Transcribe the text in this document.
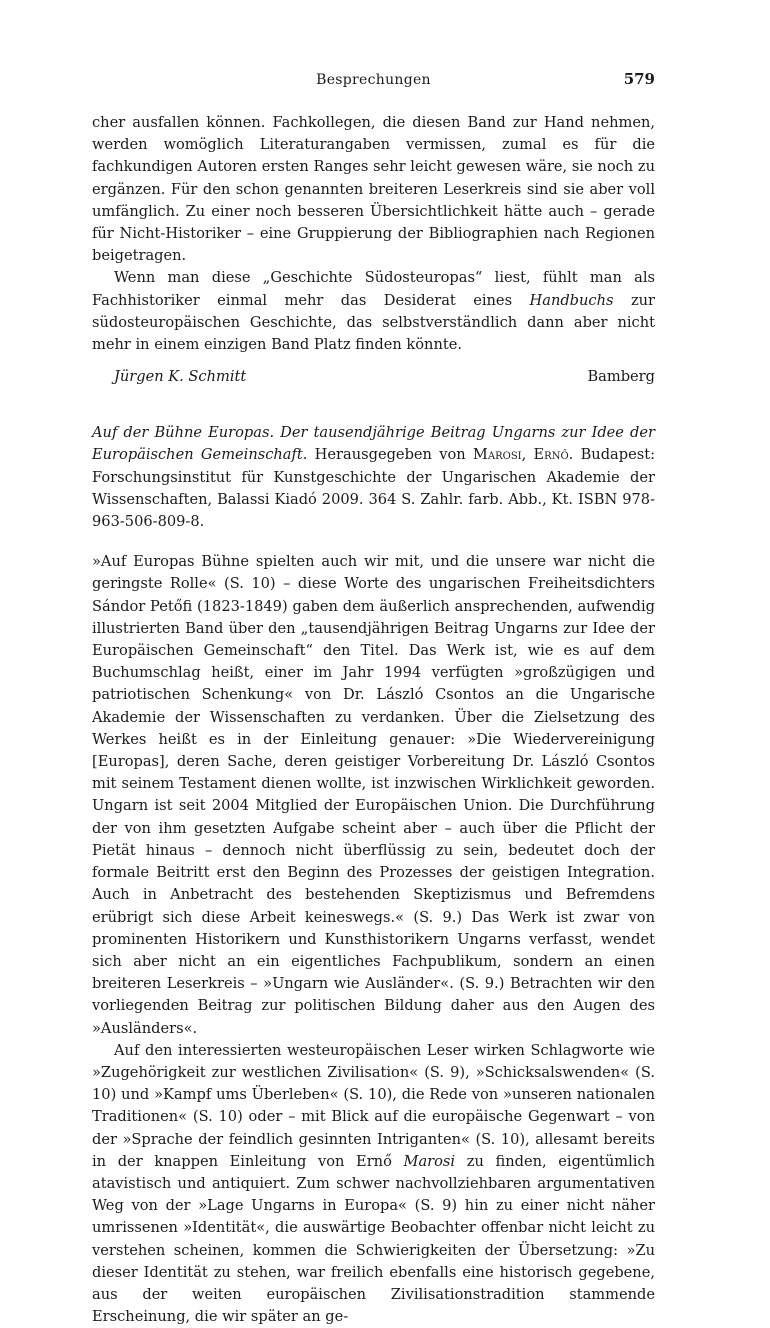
Besprechungen	579

cher ausfallen können. Fachkollegen, die diesen Band zur Hand nehmen, werden womöglich Literaturangaben vermissen, zumal es für die fachkundigen Autoren ersten Ranges sehr leicht gewesen wäre, sie noch zu ergänzen. Für den schon genannten breiteren Leserkreis sind sie aber voll umfänglich. Zu einer noch besseren Übersichtlichkeit hätte auch – gerade für Nicht-Historiker – eine Gruppierung der Bibliographien nach Regionen beigetragen.

Wenn man diese „Geschichte Südosteuropas“ liest, fühlt man als Fachhistoriker einmal mehr das Desiderat eines Handbuchs zur südosteuropäischen Geschichte, das selbstverständlich dann aber nicht mehr in einem einzigen Band Platz finden könnte.

Jürgen K. Schmitt	Bamberg

Auf der Bühne Europas. Der tausendjährige Beitrag Ungarns zur Idee der Europäischen Gemeinschaft. Herausgegeben von Marosi, Ernő. Budapest: Forschungsinstitut für Kunstgeschichte der Ungarischen Akademie der Wissenschaften, Balassi Kiadó 2009. 364 S. Zahlr. farb. Abb., Kt. ISBN 978-963-506-809-8.

»Auf Europas Bühne spielten auch wir mit, und die unsere war nicht die geringste Rolle« (S. 10) – diese Worte des ungarischen Freiheitsdichters Sándor Petőfi (1823-1849) gaben dem äußerlich ansprechenden, aufwendig illustrierten Band über den „tausendjährigen Beitrag Ungarns zur Idee der Europäischen Gemeinschaft“ den Titel. Das Werk ist, wie es auf dem Buchumschlag heißt, einer im Jahr 1994 verfügten »großzügigen und patriotischen Schenkung« von Dr. László Csontos an die Ungarische Akademie der Wissenschaften zu verdanken. Über die Zielsetzung des Werkes heißt es in der Einleitung genauer: »Die Wiedervereinigung [Europas], deren Sache, deren geistiger Vorbereitung Dr. László Csontos mit seinem Testament dienen wollte, ist inzwischen Wirklichkeit geworden. Ungarn ist seit 2004 Mitglied der Europäischen Union. Die Durchführung der von ihm gesetzten Aufgabe scheint aber – auch über die Pflicht der Pietät hinaus – dennoch nicht überflüssig zu sein, bedeutet doch der formale Beitritt erst den Beginn des Prozesses der geistigen Integration. Auch in Anbetracht des bestehenden Skeptizismus und Befremdens erübrigt sich diese Arbeit keineswegs.« (S. 9.) Das Werk ist zwar von prominenten Historikern und Kunsthistorikern Ungarns verfasst, wendet sich aber nicht an ein eigentliches Fachpublikum, sondern an einen breiteren Leserkreis – »Ungarn wie Ausländer«. (S. 9.) Betrachten wir den vorliegenden Beitrag zur politischen Bildung daher aus den Augen des »Ausländers«.

Auf den interessierten westeuropäischen Leser wirken Schlagworte wie »Zugehörigkeit zur westlichen Zivilisation« (S. 9), »Schicksalswenden« (S. 10) und »Kampf ums Überleben« (S. 10), die Rede von »unseren nationalen Traditionen« (S. 10) oder – mit Blick auf die europäische Gegenwart – von der »Sprache der feindlich gesinnten Intriganten« (S. 10), allesamt bereits in der knappen Einleitung von Ernő Marosi zu finden, eigentümlich atavistisch und antiquiert. Zum schwer nachvollziehbaren argumentativen Weg von der »Lage Ungarns in Europa« (S. 9) hin zu einer nicht näher umrissenen »Identität«, die auswärtige Beobachter offenbar nicht leicht zu verstehen scheinen, kommen die Schwierigkeiten der Übersetzung: »Zu dieser Identität zu stehen, war freilich ebenfalls eine historisch gegebene, aus der weiten europäischen Zivilisationstradition stammende Erscheinung, die wir später an ge-
